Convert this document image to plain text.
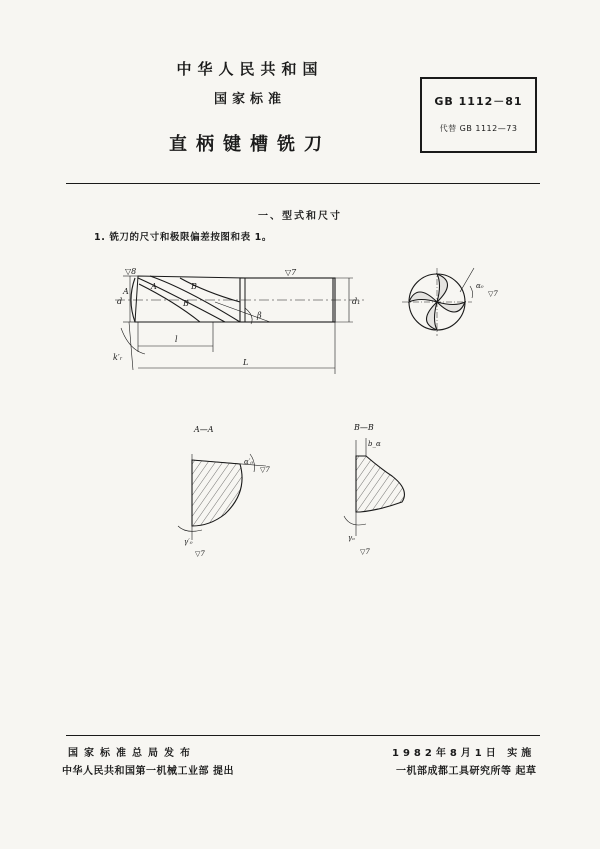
中华人民共和国
国家标准
直柄键槽铣刀
GB 1112－81
代替 GB 1112—73
一、型式和尺寸
1. 铣刀的尺寸和极限偏差按图和表 1。
▽8
A
A
B
B
▽7
d	d₁
β
l
L
k′ᵣ
α₀
▽7
A—A
α′₀
▽7
γ′₀
▽7
B—B
b_α
γₒ
▽7
国家标准总局发布
中华人民共和国第一机械工业部 提出
1982年8月1日 实施
一机部成都工具研究所等 起草
